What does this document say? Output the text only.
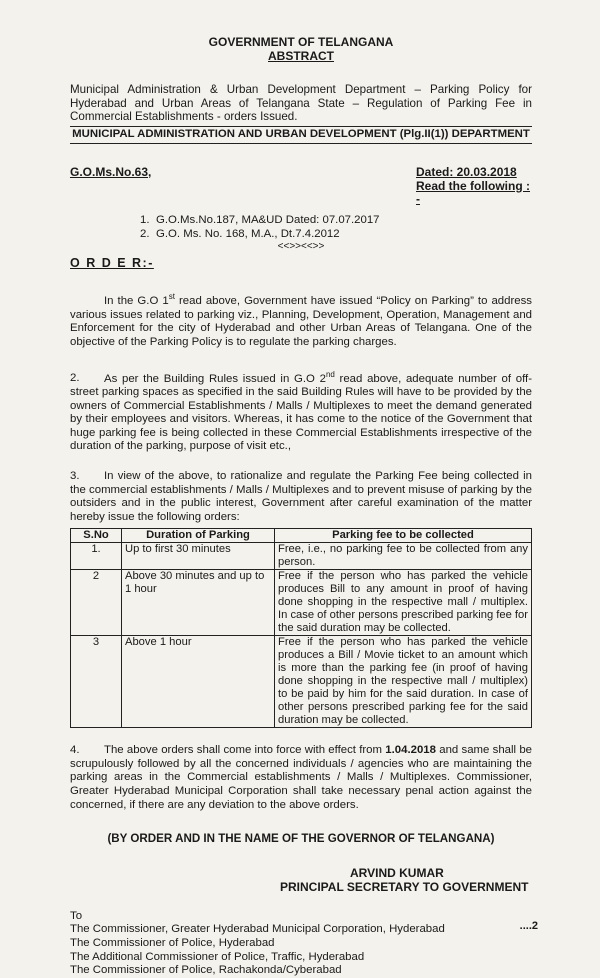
GOVERNMENT OF TELANGANA
ABSTRACT
Municipal Administration & Urban Development Department – Parking Policy for Hyderabad and Urban Areas of Telangana State – Regulation of Parking Fee in Commercial Establishments - orders Issued.
MUNICIPAL ADMINISTRATION AND URBAN DEVELOPMENT (Plg.II(1)) DEPARTMENT
G.O.Ms.No.63,	Dated: 20.03.2018
Read the following : -
1. G.O.Ms.No.187, MA&UD Dated: 07.07.2017
2. G.O. Ms. No. 168, M.A., Dt.7.4.2012
<<>><<>>
O R D E R:-

In the G.O 1st read above, Government have issued “Policy on Parking” to address various issues related to parking viz., Planning, Development, Operation, Management and Enforcement for the city of Hyderabad and other Urban Areas of Telangana. One of the objective of the Parking Policy is to regulate the parking charges.

2. As per the Building Rules issued in G.O 2nd read above, adequate number of off-street parking spaces as specified in the said Building Rules will have to be provided by the owners of Commercial Establishments / Malls / Multiplexes to meet the demand generated by their employees and visitors. Whereas, it has come to the notice of the Government that huge parking fee is being collected in these Commercial Establishments irrespective of the duration of the parking, purpose of visit etc.,

3. In view of the above, to rationalize and regulate the Parking Fee being collected in the commercial establishments / Malls / Multiplexes and to prevent misuse of parking by the outsiders and in the public interest, Government after careful examination of the matter hereby issue the following orders:

S.No	Duration of Parking	Parking fee to be collected
1.	Up to first 30 minutes	Free, i.e., no parking fee to be collected from any person.
2	Above 30 minutes and up to 1 hour	Free if the person who has parked the vehicle produces Bill to any amount in proof of having done shopping in the respective mall / multiplex. In case of other persons prescribed parking fee for the said duration may be collected.
3	Above 1 hour	Free if the person who has parked the vehicle produces a Bill / Movie ticket to an amount which is more than the parking fee (in proof of having done shopping in the respective mall / multiplex) to be paid by him for the said duration. In case of other persons prescribed parking fee for the said duration may be collected.

4. The above orders shall come into force with effect from 1.04.2018 and same shall be scrupulously followed by all the concerned individuals / agencies who are maintaining the parking areas in the Commercial establishments / Malls / Multiplexes. Commissioner, Greater Hyderabad Municipal Corporation shall take necessary penal action against the concerned, if there are any deviation to the above orders.

(BY ORDER AND IN THE NAME OF THE GOVERNOR OF TELANGANA)
ARVIND KUMAR
PRINCIPAL SECRETARY TO GOVERNMENT
To
The Commissioner, Greater Hyderabad Municipal Corporation, Hyderabad
The Commissioner of Police, Hyderabad
The Additional Commissioner of Police, Traffic, Hyderabad
The Commissioner of Police, Rachakonda/Cyberabad
....2
